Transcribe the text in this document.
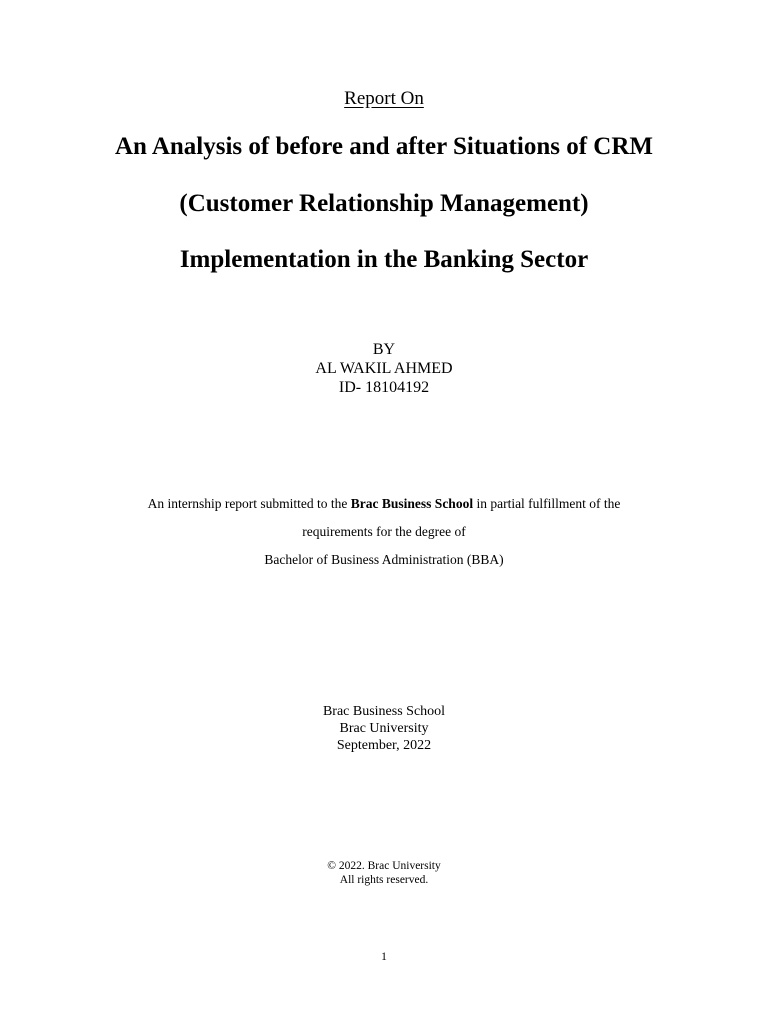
Report On
An Analysis of before and after Situations of CRM
(Customer Relationship Management)
Implementation in the Banking Sector
BY
AL WAKIL AHMED
ID- 18104192
An internship report submitted to the Brac Business School in partial fulfillment of the
requirements for the degree of
Bachelor of Business Administration (BBA)
Brac Business School
Brac University
September, 2022
© 2022. Brac University
All rights reserved.
1
